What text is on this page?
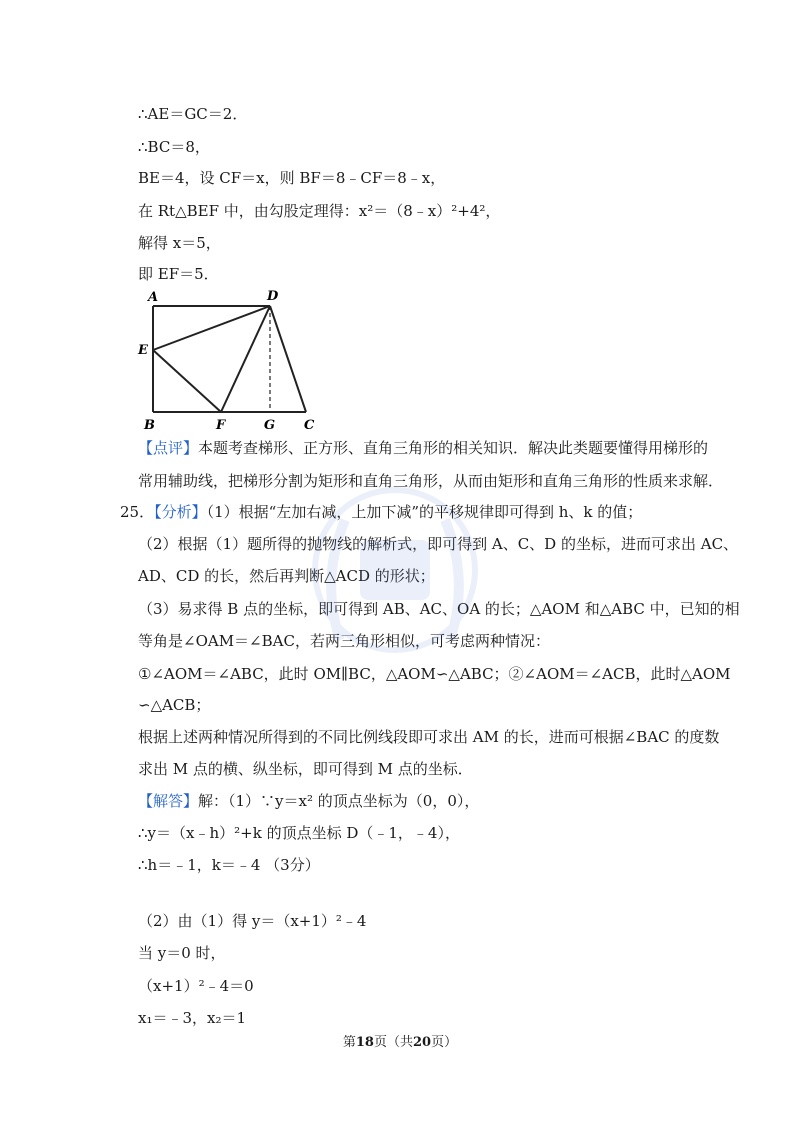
∴AE＝GC＝2．
∴BC＝8，
BE＝4，设 CF＝x，则 BF＝8﹣CF＝8﹣x，
在 Rt△BEF 中，由勾股定理得：x²＝（8﹣x）²+4²，
解得 x＝5，
即 EF＝5．
A	D
E
B	F	G C
【点评】本题考查梯形、正方形、直角三角形的相关知识．解决此类题要懂得用梯形的
常用辅助线，把梯形分割为矩形和直角三角形，从而由矩形和直角三角形的性质来求解．
25．【分析】（1）根据“左加右减，上加下减”的平移规律即可得到 h、k 的值；
（2）根据（1）题所得的抛物线的解析式，即可得到 A、C、D 的坐标，进而可求出 AC、
AD、CD 的长，然后再判断△ACD 的形状；
（3）易求得 B 点的坐标，即可得到 AB、AC、OA 的长；△AOM 和△ABC 中，已知的相
等角是∠OAM＝∠BAC，若两三角形相似，可考虑两种情况：
①∠AOM＝∠ABC，此时 OM∥BC，△AOM∽△ABC；②∠AOM＝∠ACB，此时△AOM
∽△ACB；
根据上述两种情况所得到的不同比例线段即可求出 AM 的长，进而可根据∠BAC 的度数
求出 M 点的横、纵坐标，即可得到 M 点的坐标．
【解答】解：（1）∵y＝x² 的顶点坐标为（0，0），
∴y＝（x﹣h）²+k 的顶点坐标 D（﹣1，﹣4），
∴h＝﹣1，k＝﹣4 （3分）
（2）由（1）得 y＝（x+1）²﹣4
当 y＝0 时，
（x+1）²﹣4＝0
x₁＝﹣3，x₂＝1
第18页（共20页）
